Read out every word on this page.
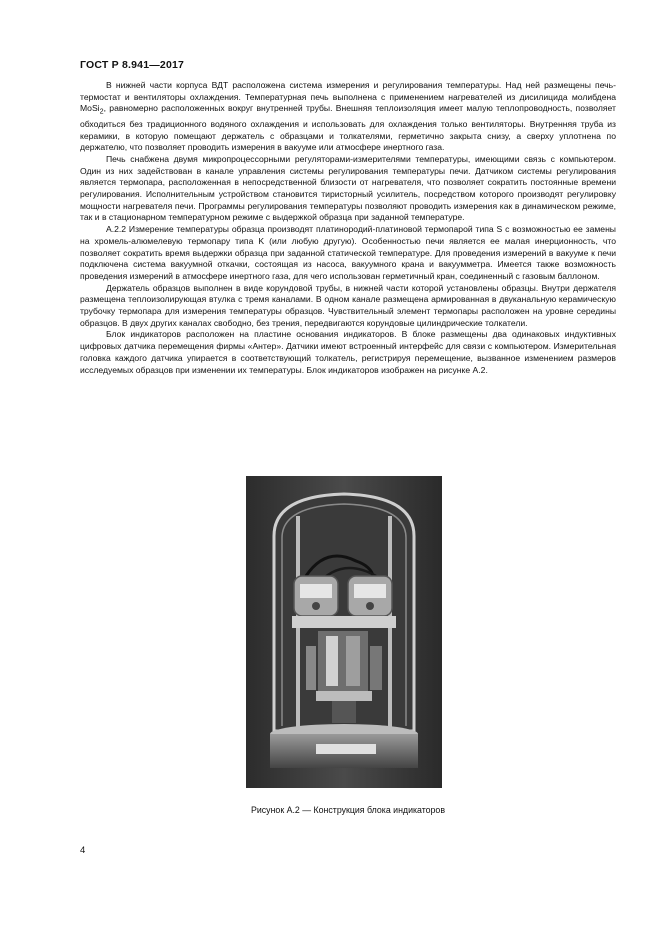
ГОСТ Р 8.941—2017

В нижней части корпуса ВДТ расположена система измерения и регулирования температуры. Над ней размещены печь-термостат и вентиляторы охлаждения. Температурная печь выполнена с применением нагревателей из дисилицида молибдена MoSi$_2$, равномерно расположенных вокруг внутренней трубы. Внешняя теплоизоляция имеет малую теплопроводность, позволяет обходиться без традиционного водяного охлаждения и использовать для охлаждения только вентиляторы. Внутренняя труба из керамики, в которую помещают держатель с образцами и толкателями, герметично закрыта снизу, а сверху уплотнена по держателю, что позволяет проводить измерения в вакууме или атмосфере инертного газа.

Печь снабжена двумя микропроцессорными регуляторами-измерителями температуры, имеющими связь с компьютером. Один из них задействован в канале управления системы регулирования температуры печи. Датчиком системы регулирования является термопара, расположенная в непосредственной близости от нагревателя, что позволяет сократить постоянные времени регулирования. Исполнительным устройством становится тиристорный усилитель, посредством которого производят регулировку мощности нагревателя печи. Программы регулирования температуры позволяют проводить измерения как в динамическом режиме, так и в стационарном температурном режиме с выдержкой образца при заданной температуре.

А.2.2 Измерение температуры образца производят платинородий-платиновой термопарой типа S с возможностью ее замены на хромель-алюмелевую термопару типа K (или любую другую). Особенностью печи является ее малая инерционность, что позволяет сократить время выдержки образца при заданной статической температуре. Для проведения измерений в вакууме к печи подключена система вакуумной откачки, состоящая из насоса, вакуумного крана и вакуумметра. Имеется также возможность проведения измерений в атмосфере инертного газа, для чего использован герметичный кран, соединенный с газовым баллоном.

Держатель образцов выполнен в виде корундовой трубы, в нижней части которой установлены образцы. Внутри держателя размещена теплоизолирующая втулка с тремя каналами. В одном канале размещена армированная в двуканальную керамическую трубочку термопара для измерения температуры образцов. Чувствительный элемент термопары расположен на уровне середины образцов. В двух других каналах свободно, без трения, передвигаются корундовые цилиндрические толкатели.

Блок индикаторов расположен на пластине основания индикаторов. В блоке размещены два одинаковых индуктивных цифровых датчика перемещения фирмы «Антер». Датчики имеют встроенный интерфейс для связи с компьютером. Измерительная головка каждого датчика упирается в соответствующий толкатель, регистрируя перемещение, вызванное изменением размеров исследуемых образцов при изменении их температуры. Блок индикаторов изображен на рисунке А.2.

Рисунок А.2 — Конструкция блока индикаторов
4
